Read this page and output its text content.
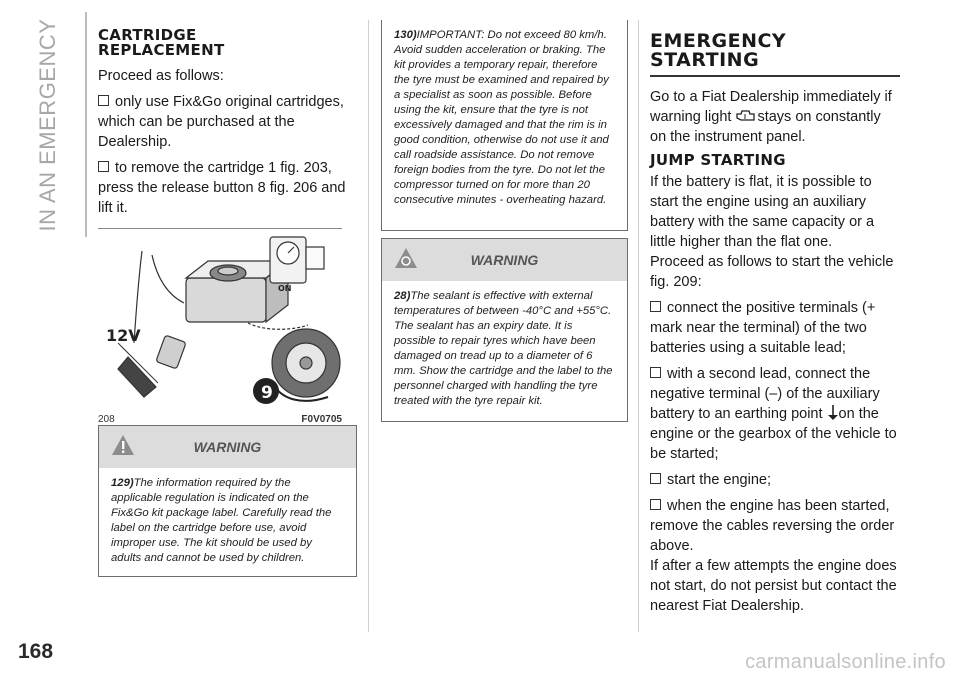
IN AN EMERGENCY
168
CARTRIDGE
REPLACEMENT

Proceed as follows:

only use Fix&Go original cartridges, which can be purchased at the Dealership.

to remove the cartridge 1 fig. 203, press the release button 8 fig. 206 and lift it.

12V
ON
9
208	F0V0705
WARNING
129)The information required by the applicable regulation is indicated on the Fix&Go kit package label. Carefully read the label on the cartridge before use, avoid improper use. The kit should be used by adults and cannot be used by children.
130)IMPORTANT: Do not exceed 80 km/h. Avoid sudden acceleration or braking. The kit provides a temporary repair, therefore the tyre must be examined and repaired by a specialist as soon as possible. Before using the kit, ensure that the tyre is not excessively damaged and that the rim is in good condition, otherwise do not use it and call roadside assistance. Do not remove foreign bodies from the tyre. Do not let the compressor turned on for more than 20 consecutive minutes - overheating hazard.
WARNING
28)The sealant is effective with external temperatures of between -40°C and +55°C. The sealant has an expiry date. It is possible to repair tyres which have been damaged on tread up to a diameter of 6 mm. Show the cartridge and the label to the personnel charged with handling the tyre treated with the tyre repair kit.
EMERGENCY
STARTING

Go to a Fiat Dealership immediately if warning light stays on constantly on the instrument panel.

JUMP STARTING

If the battery is flat, it is possible to start the engine using an auxiliary battery with the same capacity or a little higher than the flat one.

Proceed as follows to start the vehicle fig. 209:

connect the positive terminals (+ mark near the terminal) of the two batteries using a suitable lead;

with a second lead, connect the negative terminal (–) of the auxiliary battery to an earthing point on the engine or the gearbox of the vehicle to be started;

start the engine;

when the engine has been started, remove the cables reversing the order above.

If after a few attempts the engine does not start, do not persist but contact the nearest Fiat Dealership.

carmanualsonline.info
